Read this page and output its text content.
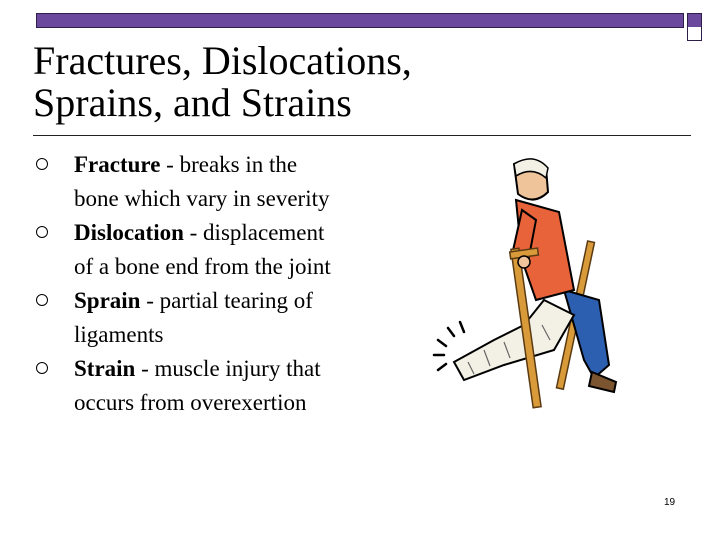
Fractures, Dislocations,
Sprains, and Strains
Fracture - breaks in the
bone which vary in severity
Dislocation - displacement
of a bone end from the joint
Sprain - partial tearing of
ligaments
Strain - muscle injury that
occurs from overexertion
19
